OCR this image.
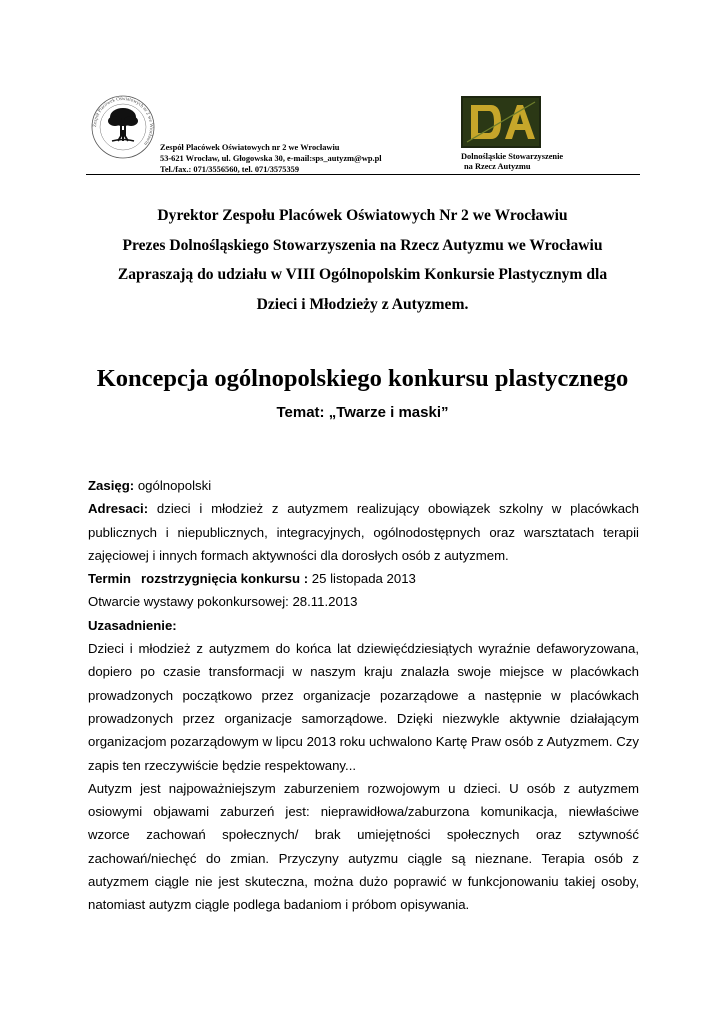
Zespół Placówek Oświatowych nr 2 we Wrocławiu	Zespół Placówek Oświatowych nr 2 we Wrocławiu
53-621 Wrocław, ul. Głogowska 30, e-mail:sps_autyzm@wp.pl
Tel./fax.: 071/3556560, tel. 071/3575359
Dolnośląskie Stowarzyszenie
na Rzecz Autyzmu
Dyrektor Zespołu Placówek Oświatowych Nr 2 we Wrocławiu
Prezes Dolnośląskiego Stowarzyszenia na Rzecz Autyzmu we Wrocławiu
Zapraszają do udziału w VIII Ogólnopolskim Konkursie Plastycznym dla
Dzieci i Młodzieży z Autyzmem.
Koncepcja ogólnopolskiego konkursu plastycznego
Temat: „Twarze i maski”

Zasięg: ogólnopolski

Adresaci: dzieci i młodzież z autyzmem realizujący obowiązek szkolny w placówkach publicznych i niepublicznych, integracyjnych, ogólnodostępnych oraz warsztatach terapii zajęciowej i innych formach aktywności dla dorosłych osób z autyzmem.

Termin rozstrzygnięcia konkursu : 25 listopada 2013

Otwarcie wystawy pokonkursowej: 28.11.2013

Uzasadnienie:

Dzieci i młodzież z autyzmem do końca lat dziewięćdziesiątych wyraźnie defaworyzowana, dopiero po czasie transformacji w naszym kraju znalazła swoje miejsce w placówkach prowadzonych początkowo przez organizacje pozarządowe a następnie w placówkach prowadzonych przez organizacje samorządowe. Dzięki niezwykle aktywnie działającym organizacjom pozarządowym w lipcu 2013 roku uchwalono Kartę Praw osób z Autyzmem. Czy zapis ten rzeczywiście będzie respektowany...

Autyzm jest najpoważniejszym zaburzeniem rozwojowym u dzieci. U osób z autyzmem osiowymi objawami zaburzeń jest: nieprawidłowa/zaburzona komunikacja, niewłaściwe wzorce zachowań społecznych/ brak umiejętności społecznych oraz sztywność zachowań/niechęć do zmian. Przyczyny autyzmu ciągle są nieznane. Terapia osób z autyzmem ciągle nie jest skuteczna, można dużo poprawić w funkcjonowaniu takiej osoby, natomiast autyzm ciągle podlega badaniom i próbom opisywania.
